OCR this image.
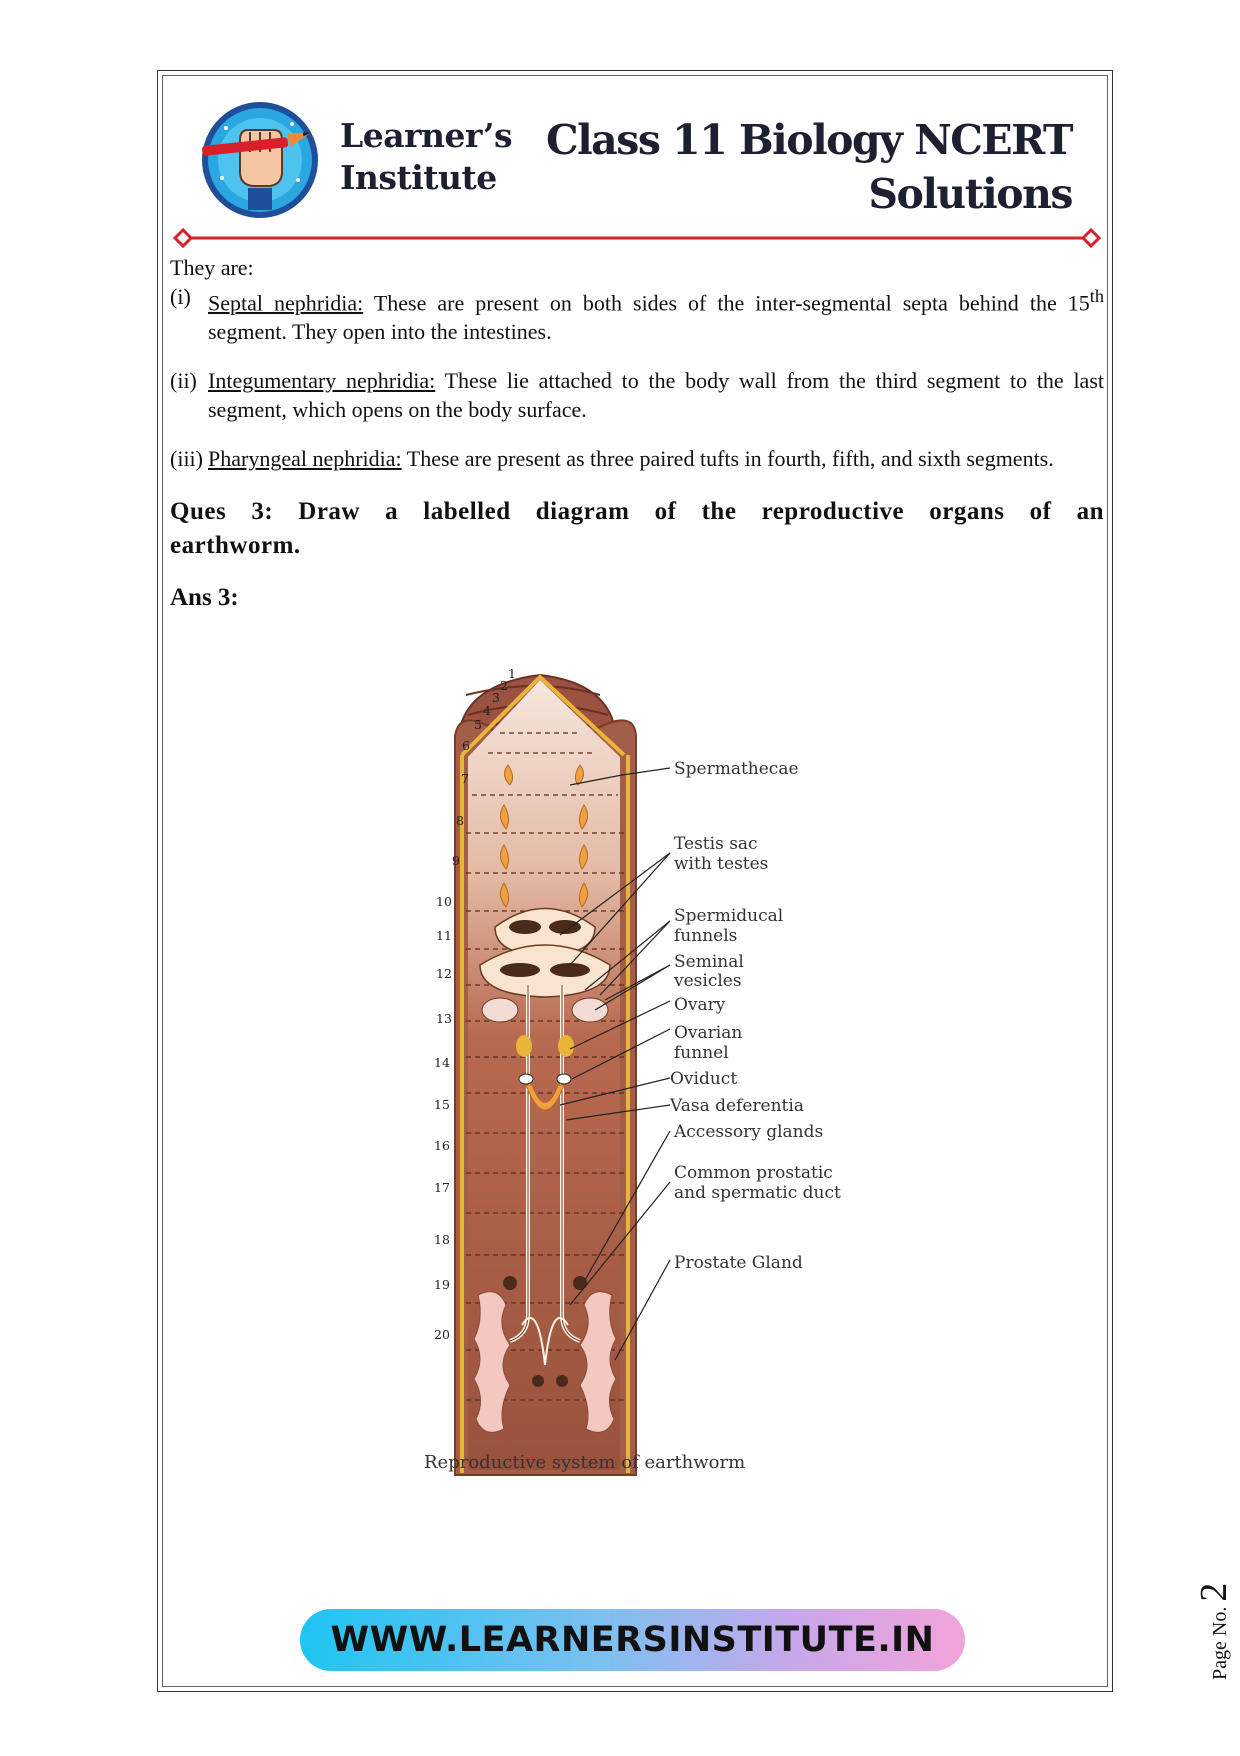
Learner’s
Institute
Class 11 Biology NCERT
Solutions

They are:

(i) Septal nephridia: These are present on both sides of the inter-segmental septa behind the 15th segment. They open into the intestines.
(ii) Integumentary nephridia: These lie attached to the body wall from the third segment to the last segment, which opens on the body surface.
(iii) Pharyngeal nephridia: These are present as three paired tufts in fourth, fifth, and sixth segments.

Ques 3: Draw a labelled diagram of the reproductive organs of an earthworm.

Ans 3:

Spermathecae
Testis sac
with testes
Spermiducal
funnels
Seminal
vesicles
Ovary
Ovarian
funnel
Oviduct
Vasa deferentia
Accessory glands
Common prostatic
and spermatic duct
Prostate Gland
1
2
3
4
5
6
7
8
9
10
11
12
13
14
15
16
17
18
19
20
Reproductive system of earthworm
WWW.LEARNERSINSTITUTE.IN	Page No. 2
